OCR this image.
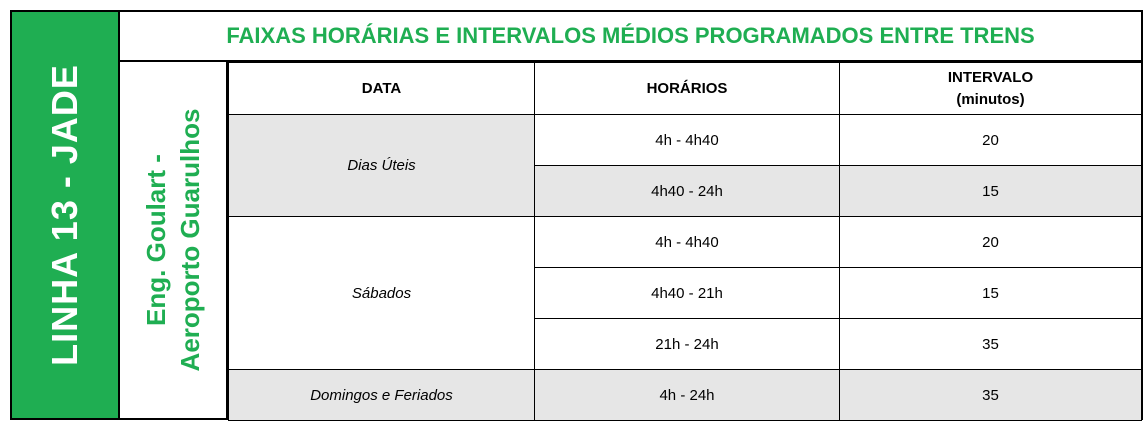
LINHA 13 - JADE
FAIXAS HORÁRIAS E INTERVALOS MÉDIOS PROGRAMADOS ENTRE TRENS
Eng. Goulart - Aeroporto Guarulhos
DATA	HORÁRIOS	INTERVALO
(minutos)

Dias Úteis	4h - 4h40	20
	4h40 - 24h	15
Sábados	4h - 4h40	20
	4h40 - 21h	15
	21h - 24h	35
Domingos e Feriados	4h - 24h	35
